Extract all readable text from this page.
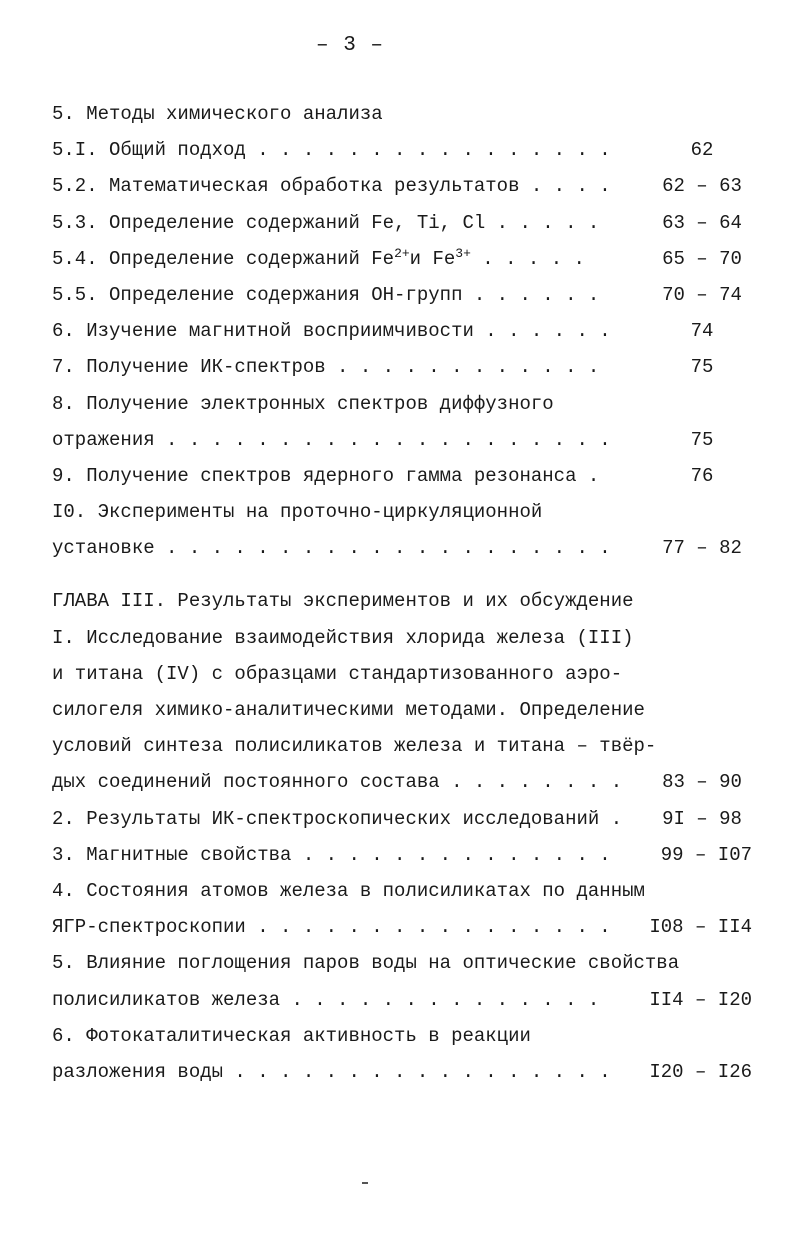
– 3 –
5. Методы химического анализа
5.I. Общий подход . . . . . . . . . . . . . . . .	62
5.2. Математическая обработка результатов . . . .	62 – 63
5.3. Определение содержаний Fe, Ti, Cl . . . . .	63 – 64
5.4. Определение содержаний $Fe^{2+}и$ $Fe^{3+}$ . . . . .	65 – 70
5.5. Определение содержания ОН-групп . . . . . .	70 – 74
6. Изучение магнитной восприимчивости . . . . . .	74
7. Получение ИК-спектров . . . . . . . . . . . .	75
8. Получение электронных спектров диффузного
отражения . . . . . . . . . . . . . . . . . . . .	75
9. Получение спектров ядерного гамма резонанса .	76
I0. Эксперименты на проточно-циркуляционной
установке . . . . . . . . . . . . . . . . . . . .	77 – 82
ГЛАВА III. Результаты экспериментов и их обсуждение
I. Исследование взаимодействия хлорида железа (III)
и титана (IV) с образцами стандартизованного аэро-
силогеля химико-аналитическими методами. Определение
условий синтеза полисиликатов железа и титана – твёр-
дых соединений постоянного состава . . . . . . . .	83 – 90
2. Результаты ИК-спектроскопических исследований .	9I – 98
3. Магнитные свойства . . . . . . . . . . . . . .	99 – I07
4. Состояния атомов железа в полисиликатах по данным
ЯГР-спектроскопии . . . . . . . . . . . . . . . .	I08 – II4
5. Влияние поглощения паров воды на оптические свойства
полисиликатов железа . . . . . . . . . . . . . .	II4 – I20
6. Фотокаталитическая активность в реакции
разложения воды . . . . . . . . . . . . . . . . .	I20 – I26
